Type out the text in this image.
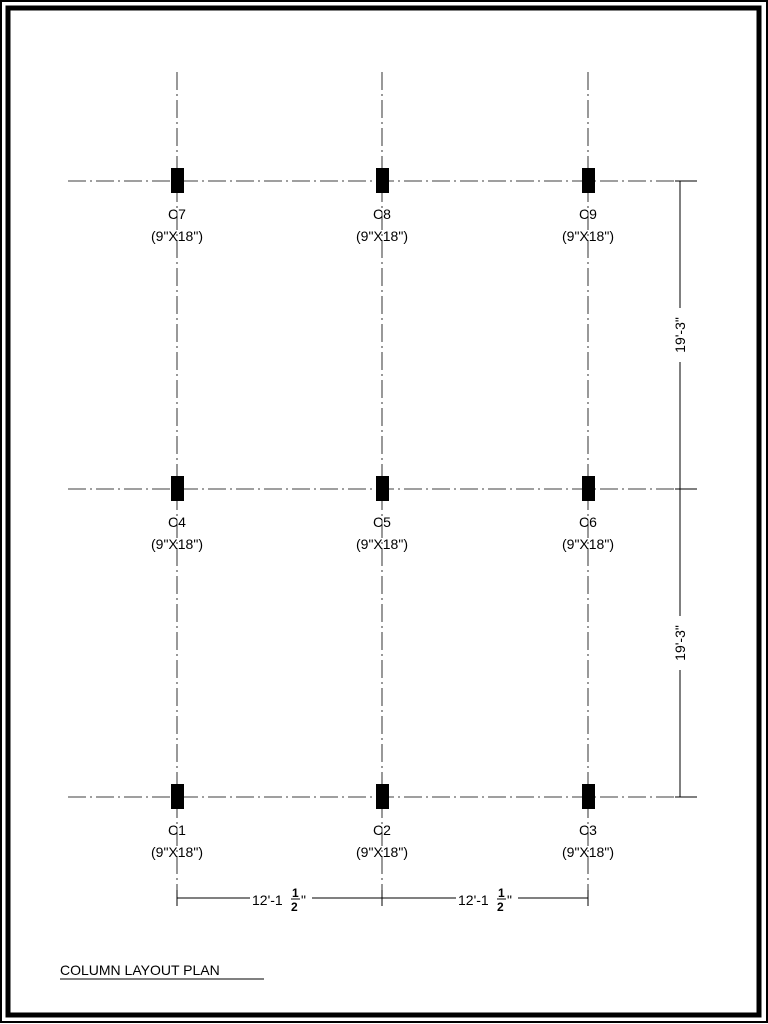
C7
(9"X18")
C8
(9"X18")
C9
(9"X18")
C4
(9"X18")
C5
(9"X18")
C6
(9"X18")
C1
(9"X18")
C2
(9"X18")
C3
(9"X18")
19'-3"
19'-3"
12'-1 1
2 "	12'-1 1
2 "
COLUMN LAYOUT PLAN
